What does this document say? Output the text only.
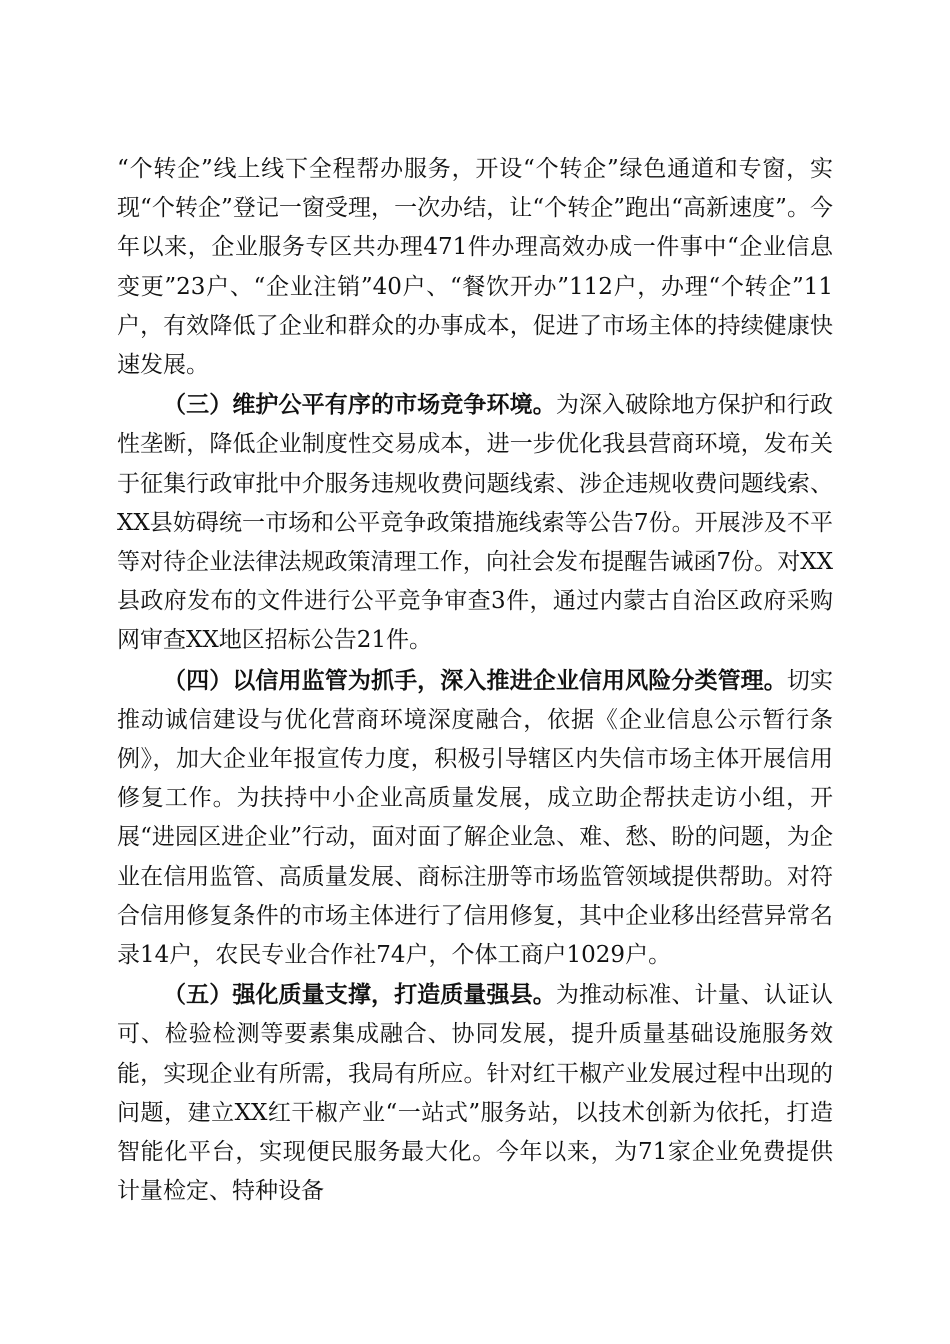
“个转企”线上线下全程帮办服务，开设“个转企”绿色通道和专窗，实现“个转企”登记一窗受理，一次办结，让“个转企”跑出“高新速度”。今年以来，企业服务专区共办理471件办理高效办成一件事中“企业信息变更”23户、“企业注销”40户、“餐饮开办”112户，办理“个转企”11户，有效降低了企业和群众的办事成本，促进了市场主体的持续健康快速发展。

（三）维护公平有序的市场竞争环境。为深入破除地方保护和行政性垄断，降低企业制度性交易成本，进一步优化我县营商环境，发布关于征集行政审批中介服务违规收费问题线索、涉企违规收费问题线索、XX县妨碍统一市场和公平竞争政策措施线索等公告7份。开展涉及不平等对待企业法律法规政策清理工作，向社会发布提醒告诫函7份。对XX县政府发布的文件进行公平竞争审查3件，通过内蒙古自治区政府采购网审查XX地区招标公告21件。

（四）以信用监管为抓手，深入推进企业信用风险分类管理。切实推动诚信建设与优化营商环境深度融合，依据《企业信息公示暂行条例》，加大企业年报宣传力度，积极引导辖区内失信市场主体开展信用修复工作。为扶持中小企业高质量发展，成立助企帮扶走访小组，开展“进园区进企业”行动，面对面了解企业急、难、愁、盼的问题，为企业在信用监管、高质量发展、商标注册等市场监管领域提供帮助。对符合信用修复条件的市场主体进行了信用修复，其中企业移出经营异常名录14户，农民专业合作社74户，个体工商户1029户。

（五）强化质量支撑，打造质量强县。为推动标准、计量、认证认可、检验检测等要素集成融合、协同发展，提升质量基础设施服务效能，实现企业有所需，我局有所应。针对红干椒产业发展过程中出现的问题，建立XX红干椒产业“一站式”服务站，以技术创新为依托，打造智能化平台，实现便民服务最大化。今年以来，为71家企业免费提供计量检定、特种设备
